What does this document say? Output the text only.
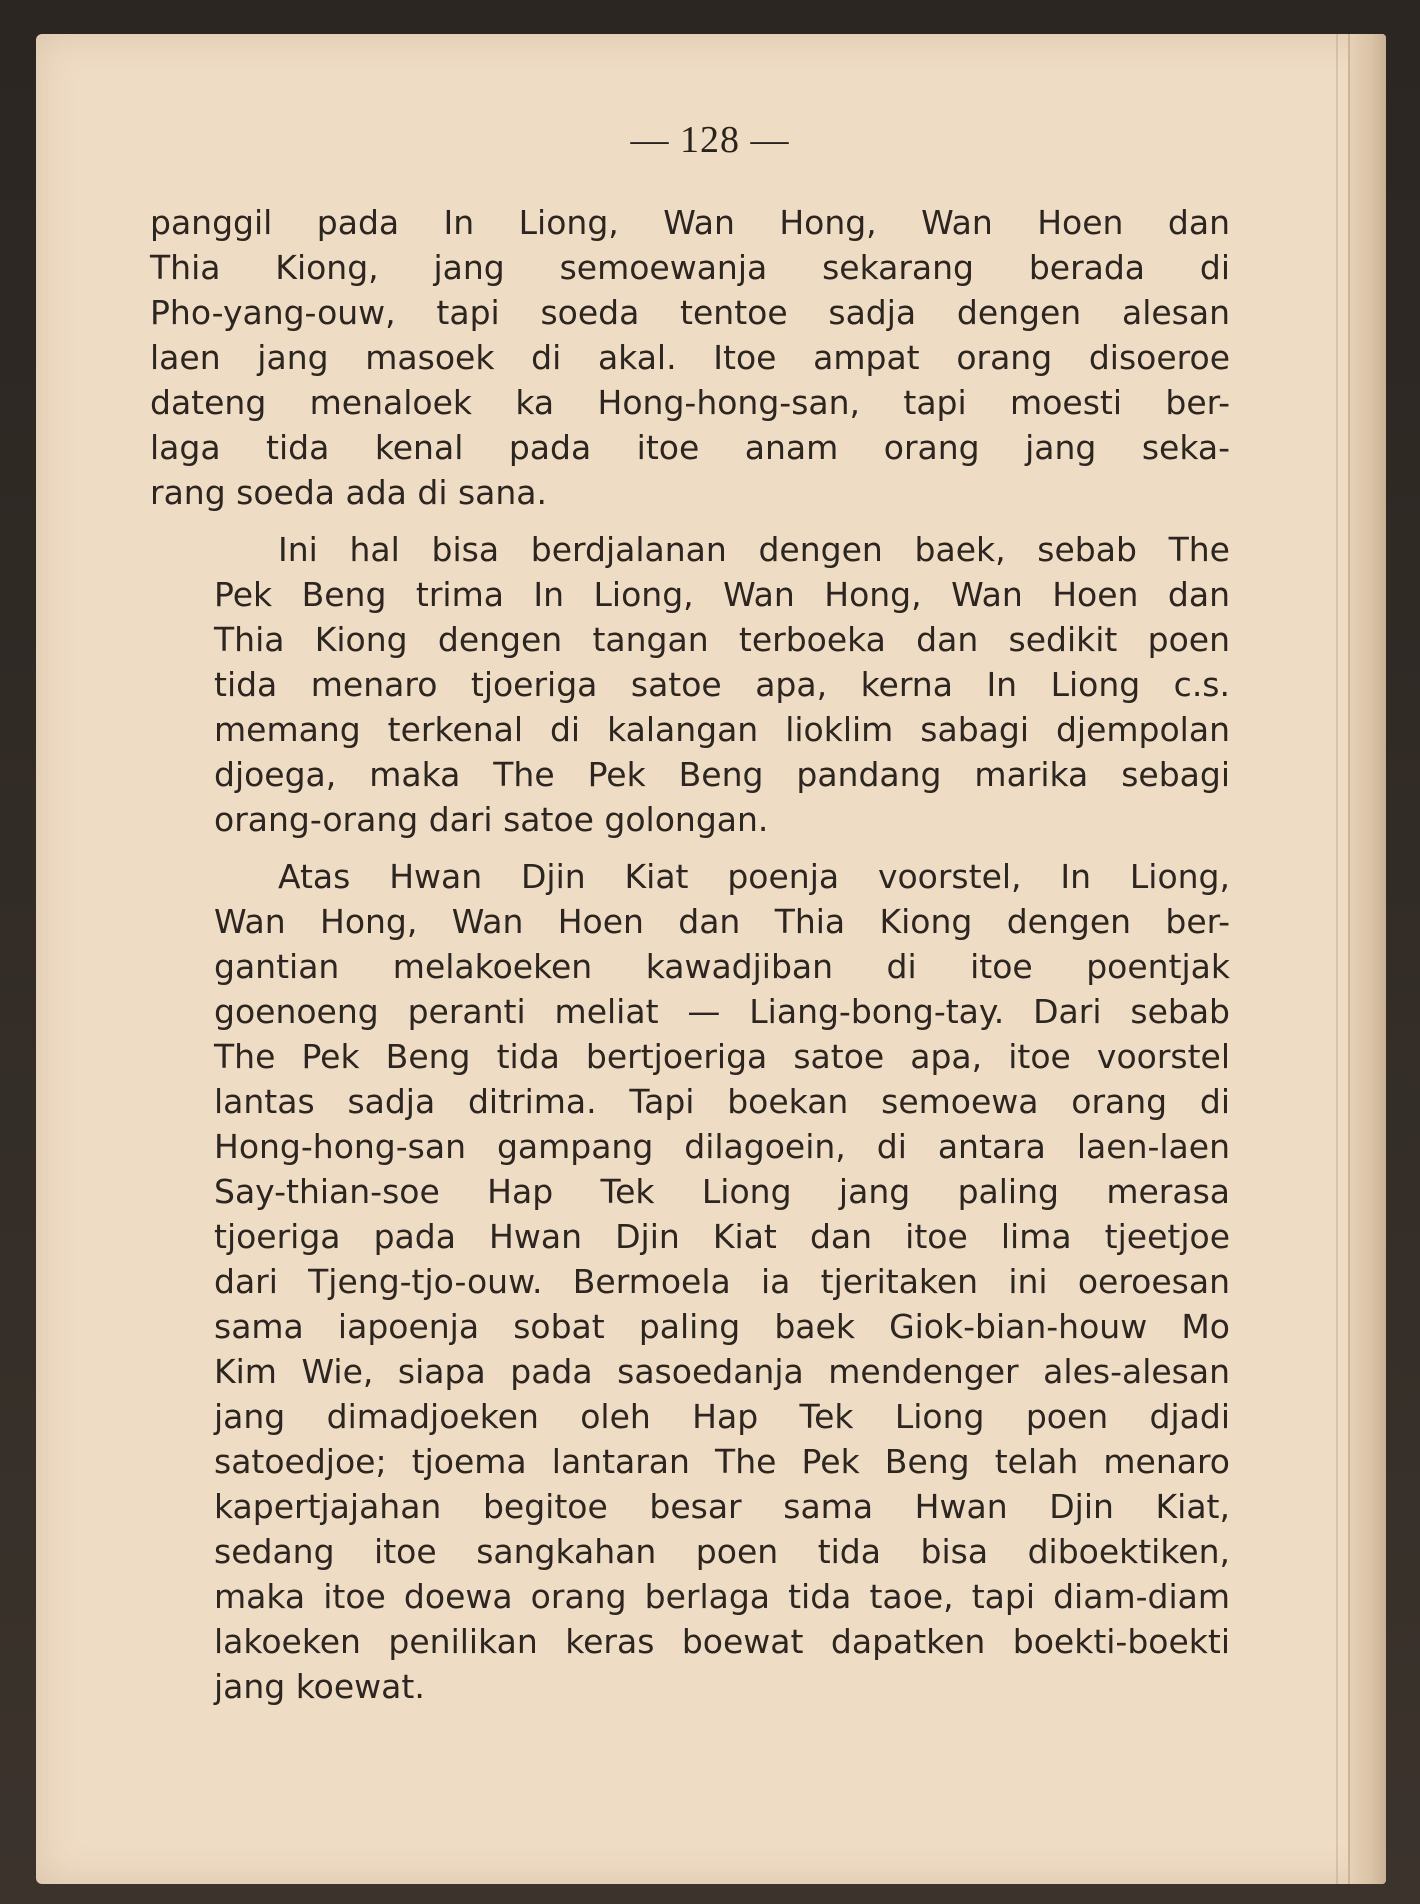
— 128 —
panggil pada In Liong, Wan Hong, Wan Hoen dan
Thia Kiong, jang semoewanja sekarang berada di
Pho-yang-ouw, tapi soeda tentoe sadja dengen alesan
laen jang masoek di akal. Itoe ampat orang disoeroe
dateng menaloek ka Hong-hong-san, tapi moesti ber-
laga tida kenal pada itoe anam orang jang seka-
rang soeda ada di sana.
Ini hal bisa berdjalanan dengen baek, sebab The
Pek Beng trima In Liong, Wan Hong, Wan Hoen dan
Thia Kiong dengen tangan terboeka dan sedikit poen
tida menaro tjoeriga satoe apa, kerna In Liong c.s.
memang terkenal di kalangan lioklim sabagi djempolan
djoega, maka The Pek Beng pandang marika sebagi
orang-orang dari satoe golongan.
Atas Hwan Djin Kiat poenja voorstel, In Liong,
Wan Hong, Wan Hoen dan Thia Kiong dengen ber-
gantian melakoeken kawadjiban di itoe poentjak
goenoeng peranti meliat — Liang-bong-tay. Dari sebab
The Pek Beng tida bertjoeriga satoe apa, itoe voorstel
lantas sadja ditrima. Tapi boekan semoewa orang di
Hong-hong-san gampang dilagoein, di antara laen-laen
Say-thian-soe Hap Tek Liong jang paling merasa
tjoeriga pada Hwan Djin Kiat dan itoe lima tjeetjoe
dari Tjeng-tjo-ouw. Bermoela ia tjeritaken ini oeroesan
sama iapoenja sobat paling baek Giok-bian-houw Mo
Kim Wie, siapa pada sasoedanja mendenger ales-alesan
jang dimadjoeken oleh Hap Tek Liong poen djadi
satoedjoe; tjoema lantaran The Pek Beng telah menaro
kapertjajahan begitoe besar sama Hwan Djin Kiat,
sedang itoe sangkahan poen tida bisa diboektiken,
maka itoe doewa orang berlaga tida taoe, tapi diam-diam
lakoeken penilikan keras boewat dapatken boekti-boekti
jang koewat.
